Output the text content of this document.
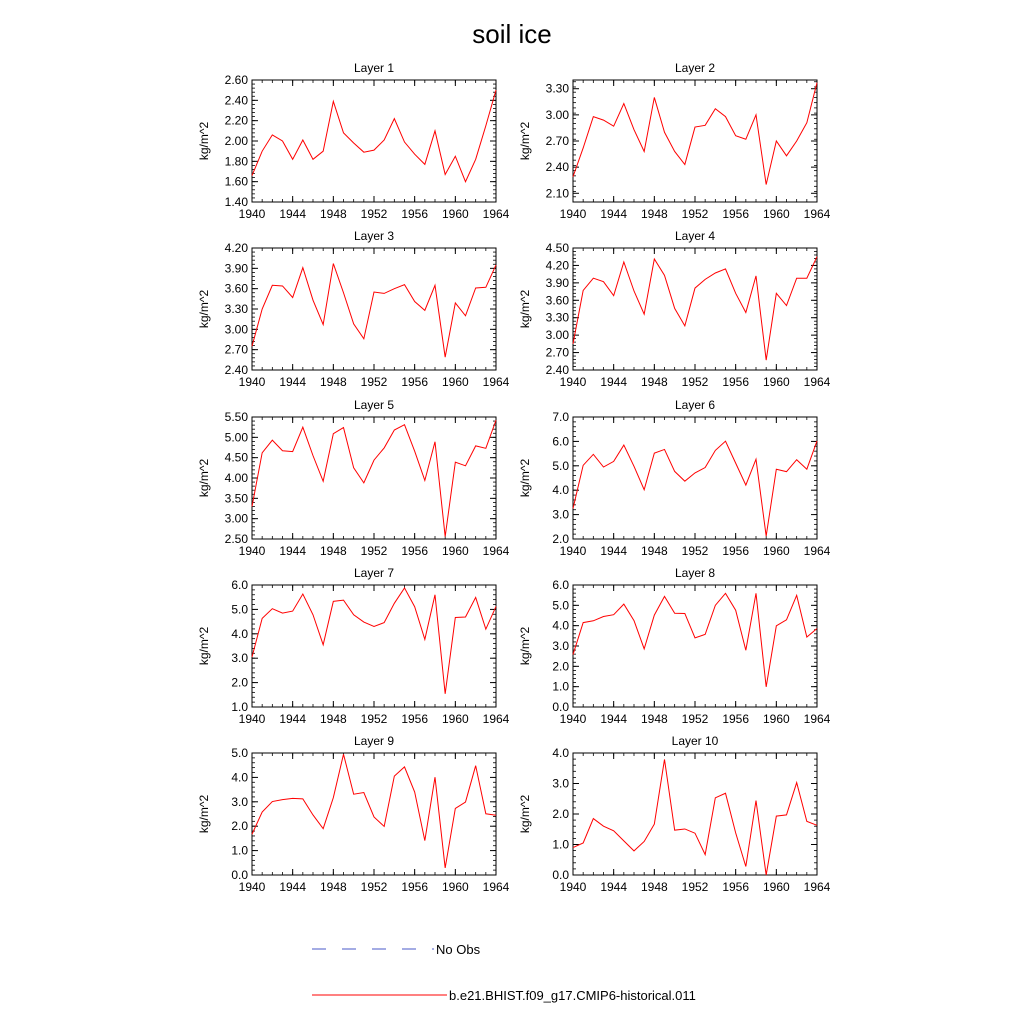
soil ice
1940 1944 1948 1952 1956 1960 1964
1.40
1.60
1.80
2.00
2.20
2.40
2.60
Layer 1
kg/m^2
1940 1944 1948 1952 1956 1960 1964
2.10
2.40
2.70
3.00
3.30
Layer 2
kg/m^2
1940 1944 1948 1952 1956 1960 1964
2.40
2.70
3.00
3.30
3.60
3.90
4.20
Layer 3
kg/m^2
1940 1944 1948 1952 1956 1960 1964
2.40
2.70
3.00
3.30
3.60
3.90
4.20
4.50
Layer 4
kg/m^2
1940 1944 1948 1952 1956 1960 1964
2.50
3.00
3.50
4.00
4.50
5.00
5.50
Layer 5
kg/m^2
1940 1944 1948 1952 1956 1960 1964
2.0
3.0
4.0
5.0
6.0
7.0
Layer 6
kg/m^2
1940 1944 1948 1952 1956 1960 1964
1.0
2.0
3.0
4.0
5.0
6.0
Layer 7
kg/m^2
1940 1944 1948 1952 1956 1960 1964
0.0
1.0
2.0
3.0
4.0
5.0
6.0
Layer 8
kg/m^2
1940 1944 1948 1952 1956 1960 1964
0.0
1.0
2.0
3.0
4.0
5.0
Layer 9
kg/m^2
1940 1944 1948 1952 1956 1960 1964
0.0
1.0
2.0
3.0
4.0
Layer 10
kg/m^2
No Obs
b.e21.BHIST.f09_g17.CMIP6-historical.011
